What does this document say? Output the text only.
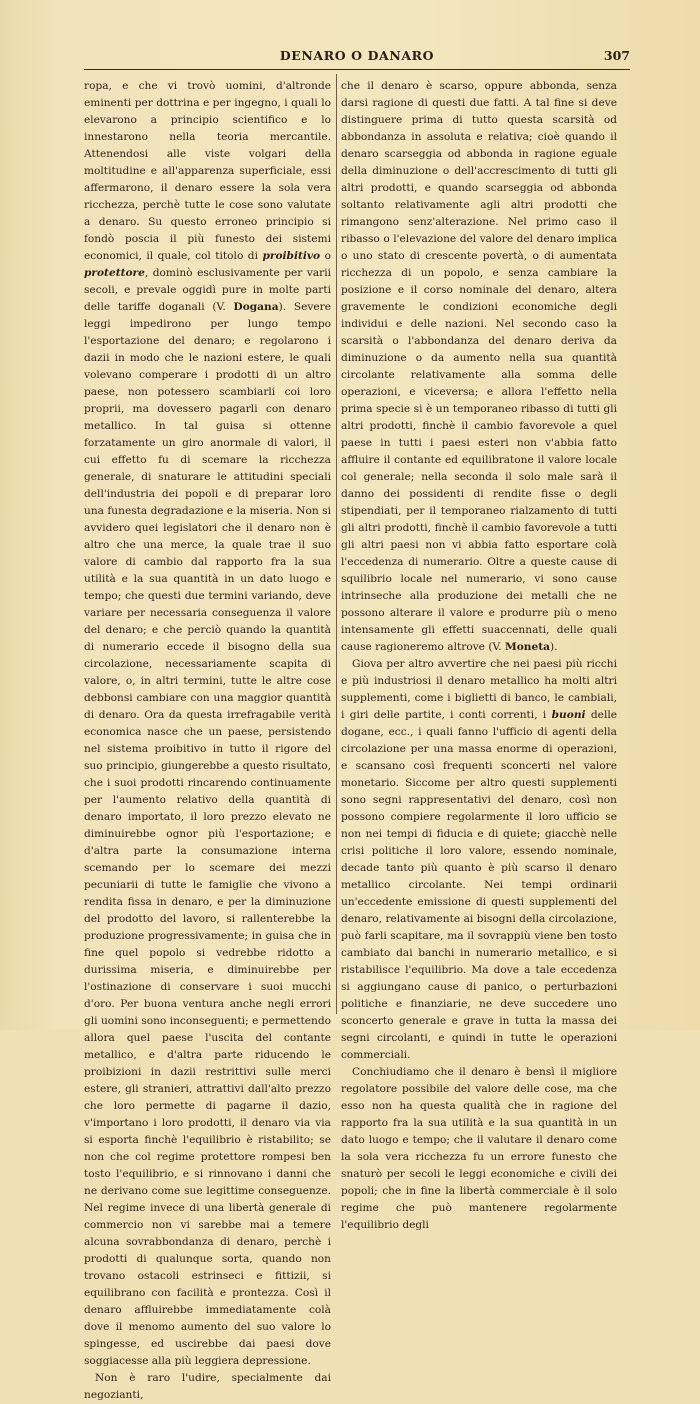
DENARO O DANARO	307

ropa, e che vi trovò uomini, d'altronde eminenti per dottrina e per ingegno, i quali lo elevarono a principio scientifico e lo innestarono nella teoria mercantile. Attenendosi alle viste volgari della moltitudine e all'apparenza superficiale, essi affermarono, il denaro essere la sola vera ricchezza, perchè tutte le cose sono valutate a denaro. Su questo erroneo principio si fondò poscia il più funesto dei sistemi economici, il quale, col titolo di proibitivo o protettore, dominò esclusivamente per varii secoli, e prevale oggidì pure in molte parti delle tariffe doganali (V. Dogana). Severe leggi impedirono per lungo tempo l'esportazione del denaro; e regolarono i dazii in modo che le nazioni estere, le quali volevano comperare i prodotti di un altro paese, non potessero scambiarli coi loro proprii, ma dovessero pagarli con denaro metallico. In tal guisa si ottenne forzatamente un giro anormale di valori, il cui effetto fu di scemare la ricchezza generale, di snaturare le attitudini speciali dell'industria dei popoli e di preparar loro una funesta degradazione e la miseria. Non si avvidero quei legislatori che il denaro non è altro che una merce, la quale trae il suo valore di cambio dal rapporto fra la sua utilità e la sua quantità in un dato luogo e tempo; che questi due termini variando, deve variare per necessaria conseguenza il valore del denaro; e che perciò quando la quantità di numerario eccede il bisogno della sua circolazione, necessariamente scapita di valore, o, in altri termini, tutte le altre cose debbonsi cambiare con una maggior quantità di denaro. Ora da questa irrefragabile verità economica nasce che un paese, persistendo nel sistema proibitivo in tutto il rigore del suo principio, giungerebbe a questo risultato, che i suoi prodotti rincarendo continuamente per l'aumento relativo della quantità di denaro importato, il loro prezzo elevato ne diminuirebbe ognor più l'esportazione; e d'altra parte la consumazione interna scemando per lo scemare dei mezzi pecuniarii di tutte le famiglie che vivono a rendita fissa in denaro, e per la diminuzione del prodotto del lavoro, si rallenterebbe la produzione progressivamente; in guisa che in fine quel popolo si vedrebbe ridotto a durissima miseria, e diminuirebbe per l'ostinazione di conservare i suoi mucchi d'oro. Per buona ventura anche negli errori gli uomini sono inconseguenti; e permettendo allora quel paese l'uscita del contante metallico, e d'altra parte riducendo le proibizioni in dazii restrittivi sulle merci estere, gli stranieri, attrattivi dall'alto prezzo che loro permette di pagarne il dazio, v'importano i loro prodotti, il denaro via via si esporta finchè l'equilibrio è ristabilito; se non che col regime protettore rompesi ben tosto l'equilibrio, e si rinnovano i danni che ne derivano come sue legittime conseguenze. Nel regime invece di una libertà generale di commercio non vi sarebbe mai a temere alcuna sovrabbondanza di denaro, perchè i prodotti di qualunque sorta, quando non trovano ostacoli estrinseci e fittizii, si equilibrano con facilità e prontezza. Così il denaro affluirebbe immediatamente colà dove il menomo aumento del suo valore lo spingesse, ed uscirebbe dai paesi dove soggiacesse alla più leggiera depressione.

Non è raro l'udire, specialmente dai negozianti,

che il denaro è scarso, oppure abbonda, senza darsi ragione di questi due fatti. A tal fine si deve distinguere prima di tutto questa scarsità od abbondanza in assoluta e relativa; cioè quando il denaro scarseggia od abbonda in ragione eguale della diminuzione o dell'accrescimento di tutti gli altri prodotti, e quando scarseggia od abbonda soltanto relativamente agli altri prodotti che rimangono senz'alterazione. Nel primo caso il ribasso o l'elevazione del valore del denaro implica o uno stato di crescente povertà, o di aumentata ricchezza di un popolo, e senza cambiare la posizione e il corso nominale del denaro, altera gravemente le condizioni economiche degli individui e delle nazioni. Nel secondo caso la scarsità o l'abbondanza del denaro deriva da diminuzione o da aumento nella sua quantità circolante relativamente alla somma delle operazioni, e viceversa; e allora l'effetto nella prima specie si è un temporaneo ribasso di tutti gli altri prodotti, finchè il cambio favorevole a quel paese in tutti i paesi esteri non v'abbia fatto affluire il contante ed equilibratone il valore locale col generale; nella seconda il solo male sarà il danno dei possidenti di rendite fisse o degli stipendiati, per il temporaneo rialzamento di tutti gli altri prodotti, finchè il cambio favorevole a tutti gli altri paesi non vi abbia fatto esportare colà l'eccedenza di numerario. Oltre a queste cause di squilibrio locale nel numerario, vi sono cause intrinseche alla produzione dei metalli che ne possono alterare il valore e produrre più o meno intensamente gli effetti suaccennati, delle quali cause ragioneremo altrove (V. Moneta).

Giova per altro avvertire che nei paesi più ricchi e più industriosi il denaro metallico ha molti altri supplementi, come i biglietti di banco, le cambiali, i giri delle partite, i conti correnti, i buoni delle dogane, ecc., i quali fanno l'ufficio di agenti della circolazione per una massa enorme di operazioni, e scansano così frequenti sconcerti nel valore monetario. Siccome per altro questi supplementi sono segni rappresentativi del denaro, così non possono compiere regolarmente il loro ufficio se non nei tempi di fiducia e di quiete; giacchè nelle crisi politiche il loro valore, essendo nominale, decade tanto più quanto è più scarso il denaro metallico circolante. Nei tempi ordinarii un'eccedente emissione di questi supplementi del denaro, relativamente ai bisogni della circolazione, può farli scapitare, ma il sovrappiù viene ben tosto cambiato dai banchi in numerario metallico, e si ristabilisce l'equilibrio. Ma dove a tale eccedenza si aggiungano cause di panico, o perturbazioni politiche e finanziarie, ne deve succedere uno sconcerto generale e grave in tutta la massa dei segni circolanti, e quindi in tutte le operazioni commerciali.

Conchiudiamo che il denaro è bensì il migliore regolatore possibile del valore delle cose, ma che esso non ha questa qualità che in ragione del rapporto fra la sua utilità e la sua quantità in un dato luogo e tempo; che il valutare il denaro come la sola vera ricchezza fu un errore funesto che snaturò per secoli le leggi economiche e civili dei popoli; che in fine la libertà commerciale è il solo regime che può mantenere regolarmente l'equilibrio degli
